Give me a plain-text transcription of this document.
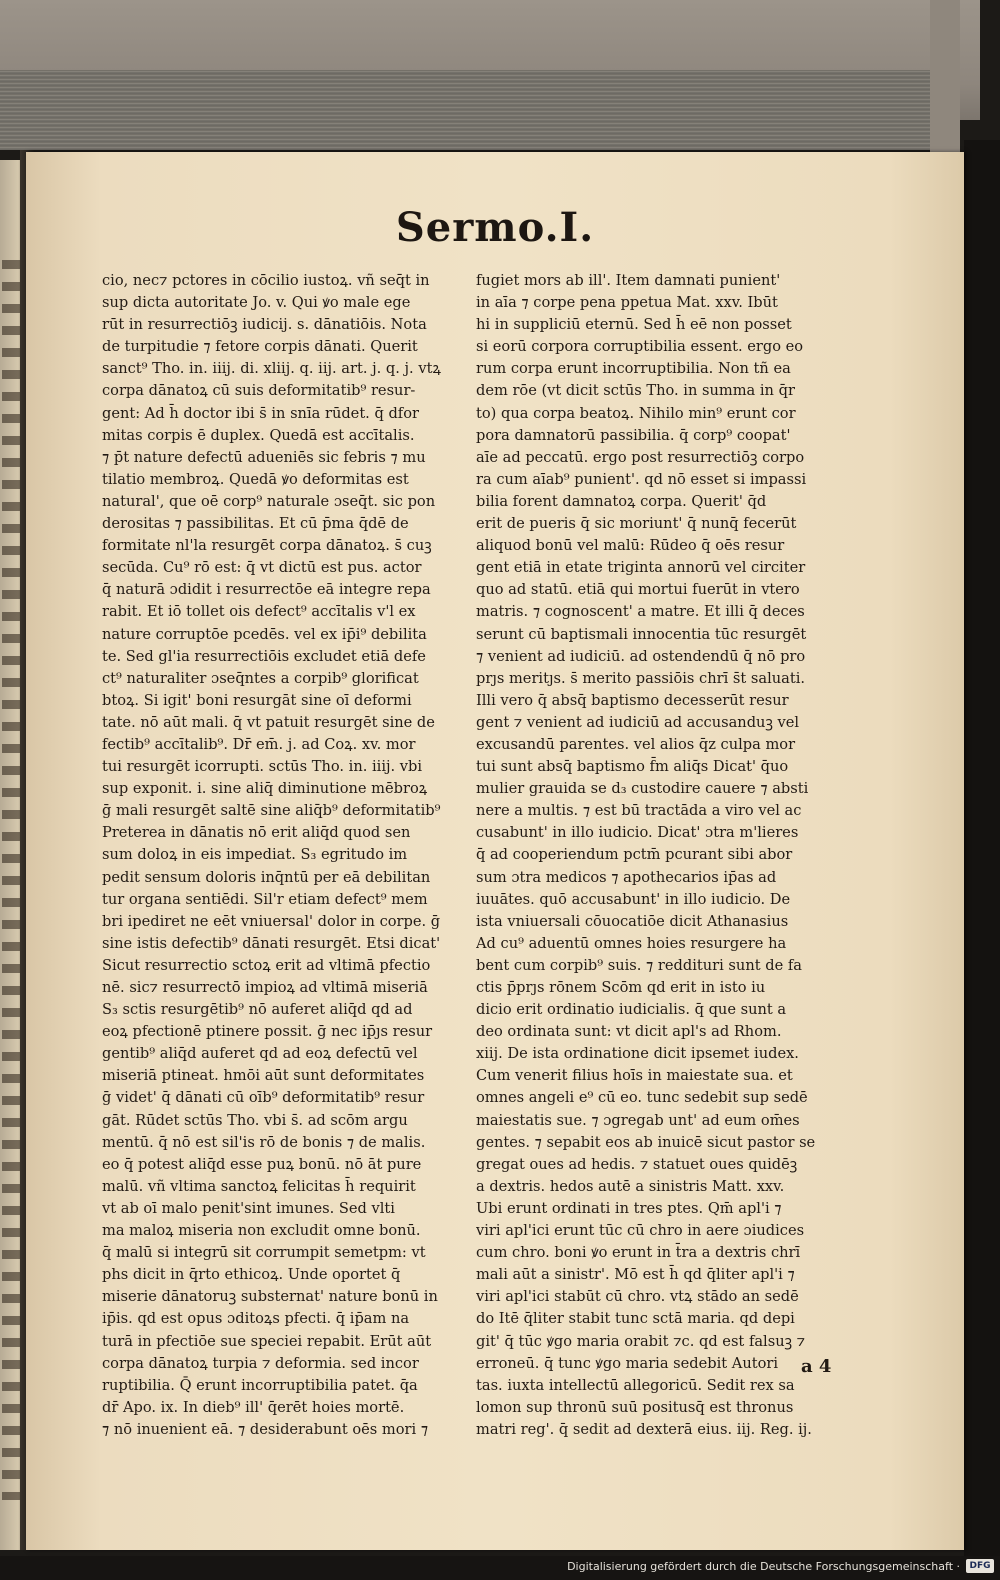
Sermo.I.
cio, nec⁊ pctores in cōcilio iustoꝝ. vñ seq̄t in
sup dicta autoritate Jo. v. Qui ꝟo male ege
rūt in resurrectiōꝫ iudicij. s. dānatiōis. Nota
de turpitudie ⁊ fetore corpis dānati. Querit
sanct⁹ Tho. in. iiij. di. xliij. q. iij. art. j. q. j. vtꝝ
corpa dānatoꝝ cū suis deformitatib⁹ resur-
gent: Ad h̄ doctor ibi s̄ in snīa rūdet. q̄ dfor
mitas corpis ē duplex. Quedā est accītalis.
⁊ p̄t nature defectū adueniēs sic febris ⁊ mu
tilatio membroꝝ. Quedā ꝟo deformitas est
natural', que oē corp⁹ naturale ɔseq̄t. sic pon
derositas ⁊ passibilitas. Et cū p̄ma q̄dē de
formitate nl'la resurgēt corpa dānatoꝝ. s̄ cuꝫ
secūda. Cu⁹ rō est: q̄ vt dictū est pus. actor
q̄ naturā ɔdidit i resurrectōe eā integre repa
rabit. Et iō tollet ois defect⁹ accītalis v'l ex
nature corruptōe pcedēs. vel ex ip̄i⁹ debilita
te. Sed gl'ia resurrectiōis excludet etiā defe
ct⁹ naturaliter ɔseq̄ntes a corpib⁹ glorificat
btoꝝ. Si igit' boni resurgāt sine oī deformi
tate. nō aūt mali. q̄ vt patuit resurgēt sine de
fectib⁹ accītalib⁹. Dr̄ em̄. j. ad Coꝝ. xv. mor
tui resurgēt icorrupti. sctūs Tho. in. iiij. vbi
sup exponit. i. sine aliq̄ diminutione mēbroꝝ
ḡ mali resurgēt saltē sine aliq̄b⁹ deformitatib⁹
Preterea in dānatis nō erit aliq̄d quod sen
sum doloꝝ in eis impediat. S₃ egritudo im
pedit sensum doloris inq̄ntū per eā debilitan
tur organa sentiēdi. Sil'r etiam defect⁹ mem
bri ipediret ne eēt vniuersal' dolor in corpe. ḡ
sine istis defectib⁹ dānati resurgēt. Etsi dicat'
Sicut resurrectio sctoꝝ erit ad vltimā pfectio
nē. sic⁊ resurrectō impioꝝ ad vltimā miseriā
S₃ sctis resurgētib⁹ nō auferet aliq̄d qd ad
eoꝝ pfectionē ptinere possit. ḡ nec ip̄ȷs resur
gentib⁹ aliq̄d auferet qd ad eoꝝ defectū vel
miseriā ptineat. hmōi aūt sunt deformitates
ḡ videt' q̄ dānati cū oīb⁹ deformitatib⁹ resur
gāt. Rūdet sctūs Tho. vbi s̄. ad scōm argu
mentū. q̄ nō est sil'is rō de bonis ⁊ de malis.
eo q̄ potest aliq̄d esse puꝝ bonū. nō āt pure
malū. vñ vltima sanctoꝝ felicitas h̄ requirit
vt ab oī malo penit'sint imunes. Sed vlti
ma maloꝝ miseria non excludit omne bonū.
q̄ malū si integrū sit corrumpit semetpm: vt
phs dicit in q̄rto ethicoꝝ. Unde oportet q̄
miserie dānatoruꝫ substernat' nature bonū in
ip̄is. qd est opus ɔditoꝝs pfecti. q̄ ip̄am na
turā in pfectiōe sue speciei repabit. Erūt aūt
corpa dānatoꝝ turpia ⁊ deformia. sed incor
ruptibilia. Q̄ erunt incorruptibilia patet. q̄a
dr̄ Apo. ix. In dieb⁹ ill' q̄erēt hoies mortē.
⁊ nō inuenient eā. ⁊ desiderabunt oēs mori ⁊
fugiet mors ab ill'. Item damnati punient'
in aīa ⁊ corpe pena ppetua Mat. xxv. Ibūt
hi in suppliciū eternū. Sed h̄ eē non posset
si eorū corpora corruptibilia essent. ergo eo
rum corpa erunt incorruptibilia. Non tñ ea
dem rōe (vt dicit sctūs Tho. in summa in q̄r
to) qua corpa beatoꝝ. Nihilo min⁹ erunt cor
pora damnatorū passibilia. q̄ corp⁹ coopat'
aīe ad peccatū. ergo post resurrectiōꝫ corpo
ra cum aīab⁹ punient'. qd nō esset si impassi
bilia forent damnatoꝝ corpa. Querit' q̄d
erit de pueris q̄ sic moriunt' q̄ nunq̄ fecerūt
aliquod bonū vel malū: Rūdeo q̄ oēs resur
gent etiā in etate triginta annorū vel circiter
quo ad statū. etiā qui mortui fuerūt in vtero
matris. ⁊ cognoscent' a matre. Et illi q̄ deces
serunt cū baptismali innocentia tūc resurgēt
⁊ venient ad iudiciū. ad ostendendū q̄ nō pro
prȷs meritȷs. s̄ merito passiōis chrī s̄t saluati.
Illi vero q̄ absq̄ baptismo decesserūt resur
gent ⁊ venient ad iudiciū ad accusanduꝫ vel
excusandū parentes. vel alios q̄z culpa mor
tui sunt absq̄ baptismo f̄m aliq̄s Dicat' q̄uo
mulier grauida se d₃ custodire cauere ⁊ absti
nere a multis. ⁊ est bū tractāda a viro vel ac
cusabunt' in illo iudicio. Dicat' ɔtra m'lieres
q̄ ad cooperiendum pctm̄ pcurant sibi abor
sum ɔtra medicos ⁊ apothecarios ip̄as ad
iuuātes. quō accusabunt' in illo iudicio. De
ista vniuersali cōuocatiōe dicit Athanasius
Ad cu⁹ aduentū omnes hoies resurgere ha
bent cum corpib⁹ suis. ⁊ reddituri sunt de fa
ctis p̄prȷs rōnem Scōm qd erit in isto iu
dicio erit ordinatio iudicialis. q̄ que sunt a
deo ordinata sunt: vt dicit apl's ad Rhom.
xiij. De ista ordinatione dicit ipsemet iudex.
Cum venerit filius hoīs in maiestate sua. et
omnes angeli e⁹ cū eo. tunc sedebit sup sedē
maiestatis sue. ⁊ ɔgregab unt' ad eum om̄es
gentes. ⁊ sepabit eos ab inuicē sicut pastor se
gregat oues ad hedis. ⁊ statuet oues quidēꝫ
a dextris. hedos autē a sinistris Matt. xxv.
Ubi erunt ordinati in tres ptes. Qm̄ apl'i ⁊
viri apl'ici erunt tūc cū chro in aere ɔiudices
cum chro. boni ꝟo erunt in t̄ra a dextris chrī
mali aūt a sinistr'. Mō est h̄ qd q̄liter apl'i ⁊
viri apl'ici stabūt cū chro. vtꝝ stādo an sedē
do Itē q̄liter stabit tunc sctā maria. qd depi
git' q̄ tūc ꝟgo maria orabit ⁊c. qd est falsuꝫ ⁊
erroneū. q̄ tunc ꝟgo maria sedebit Autori
tas. iuxta intellectū allegoricū. Sedit rex sa
lomon sup thronū suū positusq̄ est thronus
matri reg'. q̄ sedit ad dexterā eius. iij. Reg. ij.
a 4
Digitalisierung gefördert durch die Deutsche Forschungsgemeinschaft ·	DFG
